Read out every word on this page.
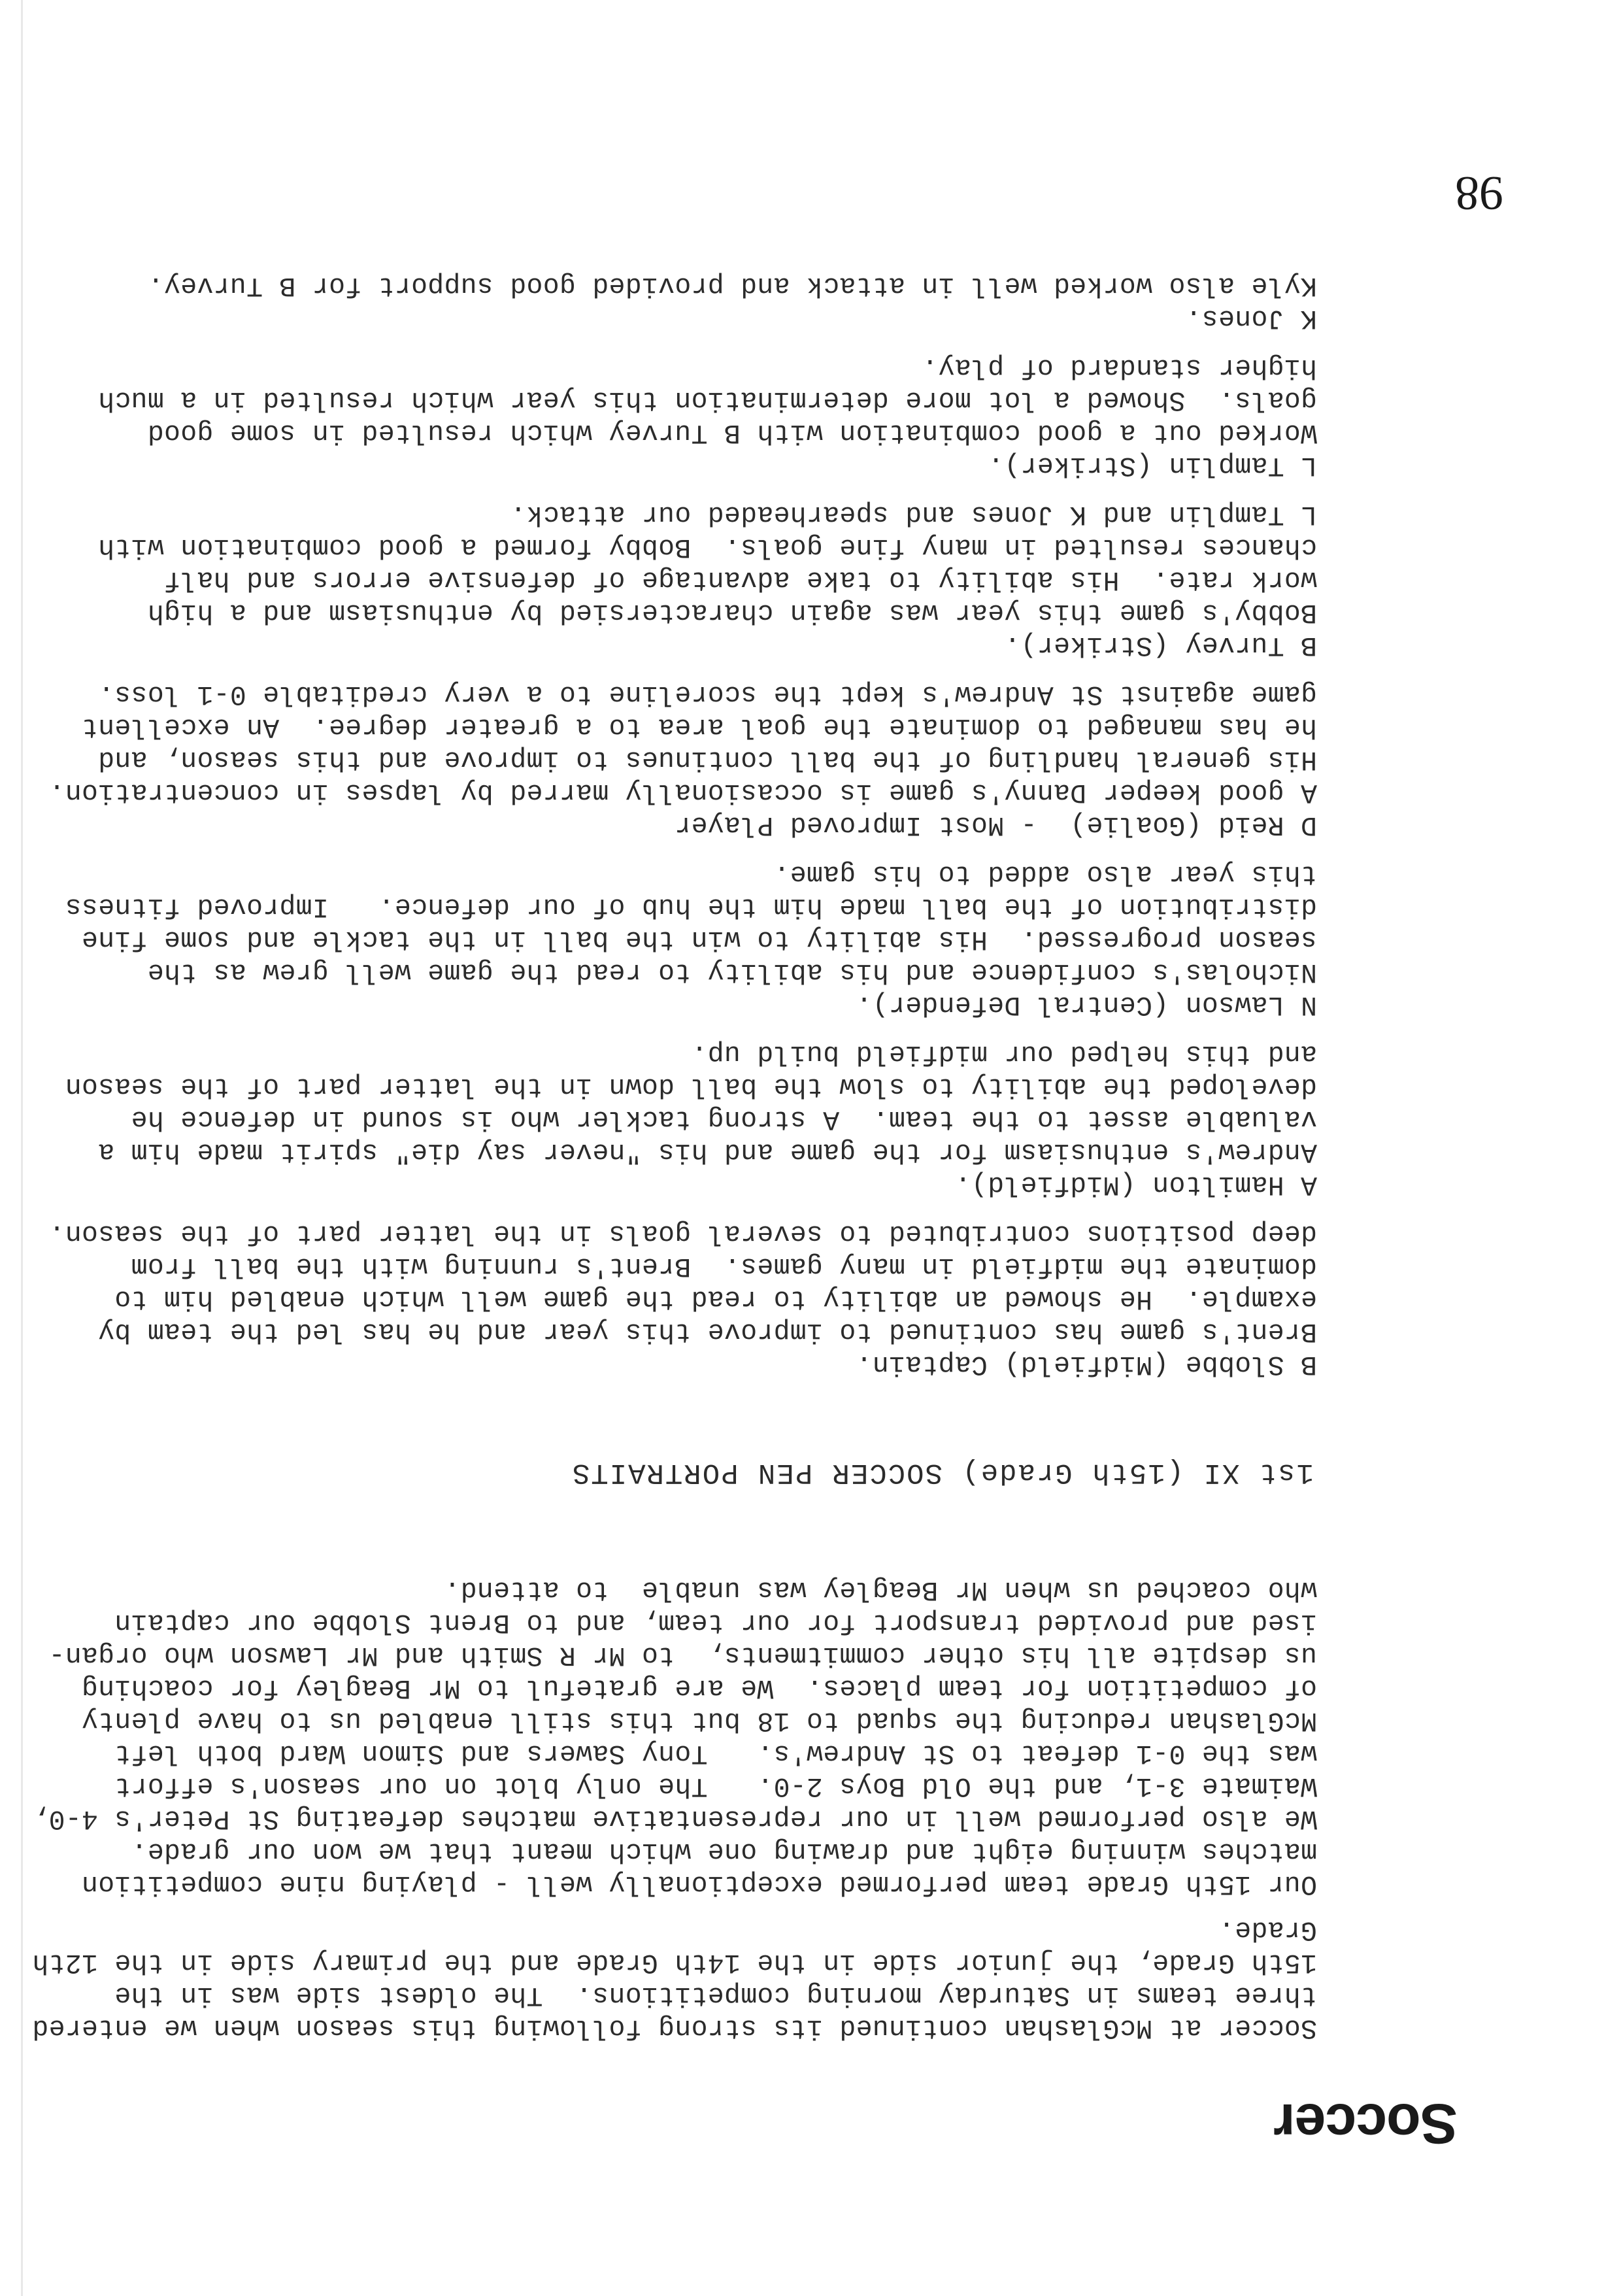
Soccer
Soccer at McGlashan continued its strong following this season when we entered
three teams in Saturday morning competitions.  The oldest side was in the
15th Grade, the junior side in the 14th Grade and the primary side in the 12th
Grade.
Our 15th Grade team performed exceptionally well - playing nine competition
matches winning eight and drawing one which meant that we won our grade.
We also performed well in our representative matches defeating St Peter's 4-0,
Waimate 3-1, and the Old Boys 2-0.   The only blot on our season's effort
was the 0-1 defeat to St Andrew's.   Tony Sawers and Simon Ward both left
McGlashan reducing the squad to 18 but this still enabled us to have plenty
of competition for team places.  We are grateful to Mr Beagley for coaching
us despite all his other commitments,  to Mr R Smith and Mr Lawson who organ-
ised and provided transport for our team, and to Brent Slobbe our captain
who coached us when Mr Beagley was unable  to attend.
1st XI (15th Grade) SOCCER PEN PORTRAITS
B Slobbe (Midfield) Captain.
Brent's game has continued to improve this year and he has led the team by
example.  He showed an ability to read the game well which enabled him to
dominate the midfield in many games.  Brent's running with the ball from
deep positions contributed to several goals in the latter part of the season.
A Hamilton (Midfield).
Andrew's enthusiasm for the game and his "never say die" spirit made him a
valuable asset to the team.  A strong tackler who is sound in defence he
developed the ability to slow the ball down in the latter part of the season
and this helped our midfield build up.
N Lawson (Central Defender).
Nicholas's confidence and his ability to read the game well grew as the
season progressed.  His ability to win the ball in the tackle and some fine
distribution of the ball made him the hub of our defence.   Improved fitness
this year also added to his game.
D Reid (Goalie)  - Most Improved Player
A good keeper Danny's game is occasionally marred by lapses in concentration.
His general handling of the ball continues to improve and this season, and
he has managed to dominate the goal area to a greater degree.  An excellent
game against St Andrew's kept the scoreline to a very creditable 0-1 loss.
B Turvey (Striker).
Bobby's game this year was again charactersied by enthusiasm and a high
work rate.  His ability to take advantage of defensive errors and half
chances resulted in many fine goals.  Bobby formed a good combination with
L Tamplin and K Jones and spearheaded our attack.
L Tamplin (Striker).
Worked out a good combination with B Turvey which resulted in some good
goals.  Showed a lot more determination this year which resulted in a much
higher standard of play.
K Jones.
Kyle also worked well in attack and provided good support for B Turvey.
98
